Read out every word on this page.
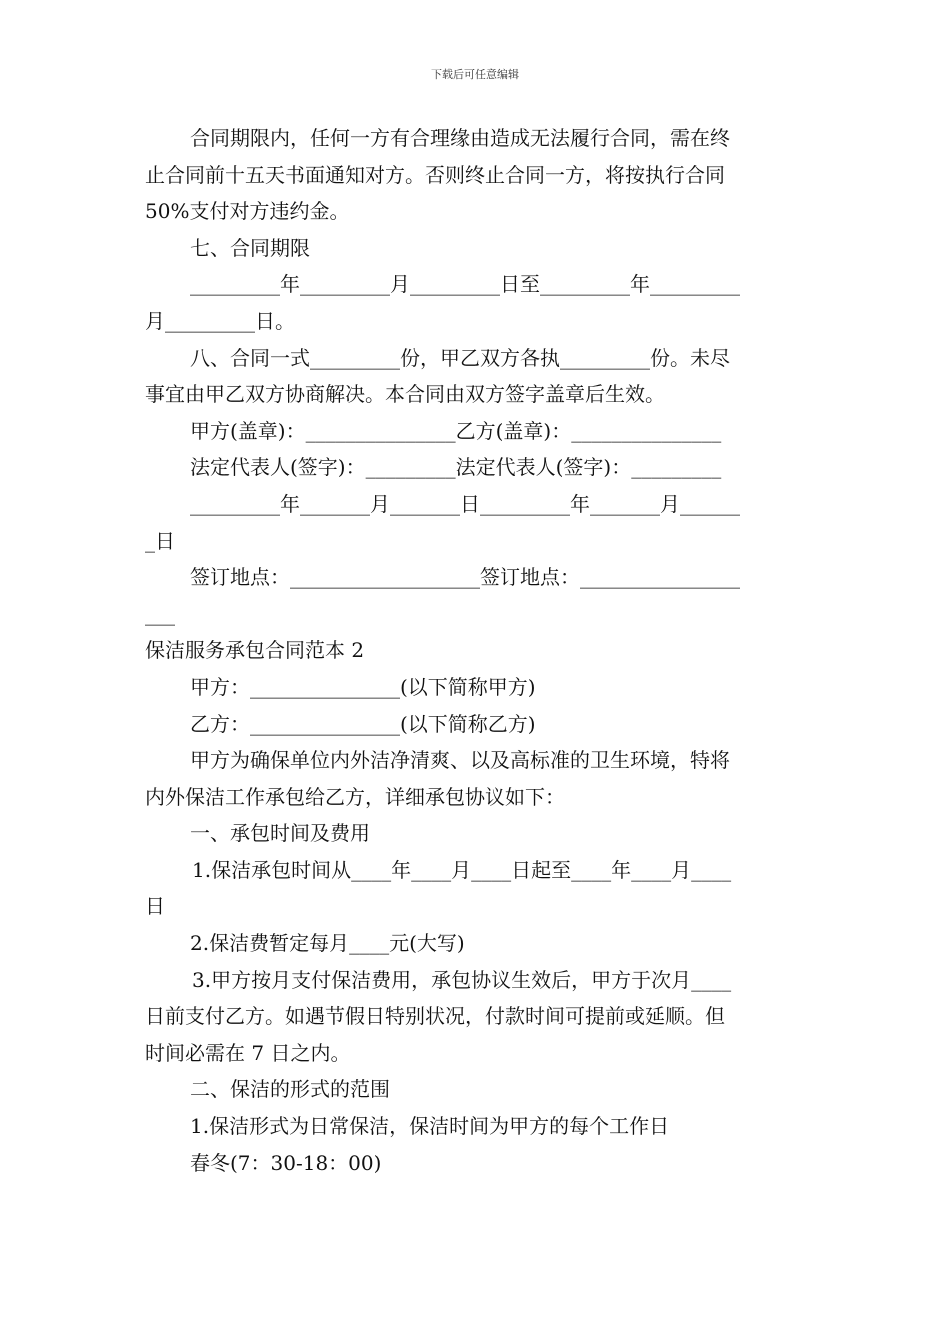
下载后可任意编辑
合同期限内，任何一方有合理缘由造成无法履行合同，需在终
止合同前十五天书面通知对方。否则终止合同一方，将按执行合同
50%支付对方违约金。
七、合同期限
_________年_________月_________日至_________年_________
月_________日。
八、合同一式_________份，甲乙双方各执_________份。未尽
事宜由甲乙双方协商解决。本合同由双方签字盖章后生效。
甲方(盖章)：_______________乙方(盖章)：_______________
法定代表人(签字)：_________法定代表人(签字)：_________
_________年_______月_______日_________年_______月______
_日
签订地点：___________________签订地点：________________
___
保洁服务承包合同范本 2
甲方：_______________(以下简称甲方)
乙方：_______________(以下简称乙方)
甲方为确保单位内外洁净清爽、以及高标准的卫生环境，特将
内外保洁工作承包给乙方，详细承包协议如下：
一、承包时间及费用
1.保洁承包时间从____年____月____日起至____年____月____
日
2.保洁费暂定每月____元(大写)
3.甲方按月支付保洁费用，承包协议生效后，甲方于次月____
日前支付乙方。如遇节假日特别状况，付款时间可提前或延顺。但
时间必需在 7 日之内。
二、保洁的形式的范围
1.保洁形式为日常保洁，保洁时间为甲方的每个工作日
春冬(7：30-18：00)
